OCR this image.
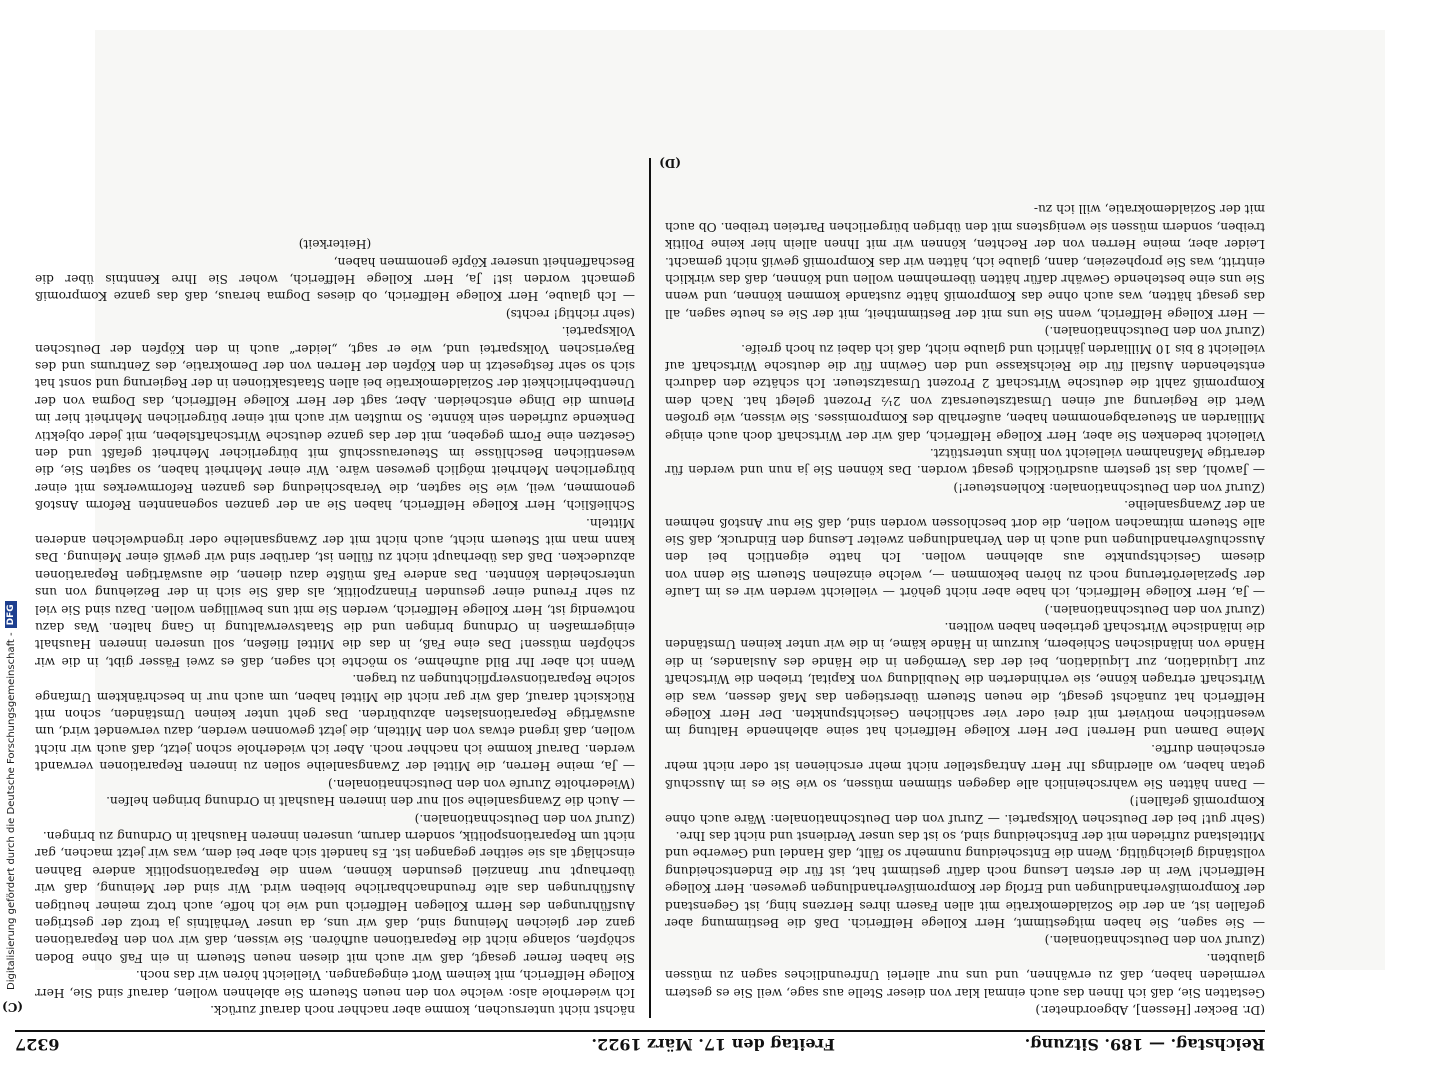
Digitalisierung gefördert durch die Deutsche Forschungsgemeinschaft -
DFG
Reichstag. — 189. Sitzung.
Freitag den 17. März 1922.
6327

(Dr. Becker [Hessen], Abgeordneter.)

Gestatten Sie, daß ich Ihnen das auch einmal klar von dieser Stelle aus sage, weil Sie es gestern vermieden haben, daß zu erwähnen, und uns nur allerlei Unfreundliches sagen zu müssen glaubten.

(Zuruf von den Deutschnationalen.)

— Sie sagen, Sie haben mitgestimmt, Herr Kollege Helfferich. Daß die Bestimmung aber gefallen ist, an der die Sozialdemokratie mit allen Fasern ihres Herzens hing, ist Gegenstand der Kompromißverhandlungen und Erfolg der Kompromißverhandlungen gewesen. Herr Kollege Helfferich! Wer in der ersten Lesung noch dafür gestimmt hat, ist für die Endentscheidung vollständig gleichgültig. Wenn die Entscheidung nunmehr so fällt, daß Handel und Gewerbe und Mittelstand zufrieden mit der Entscheidung sind, so ist das unser Verdienst und nicht das Ihre.

(Sehr gut! bei der Deutschen Volkspartei. — Zuruf von den Deutschnationalen: Wäre auch ohne Kompromiß gefallen!)

— Dann hätten Sie wahrscheinlich alle dagegen stimmen müssen, so wie Sie es im Ausschuß getan haben, wo allerdings Ihr Herr Antragsteller nicht mehr erschienen ist oder nicht mehr erscheinen durfte.

Meine Damen und Herren! Der Herr Kollege Helfferich hat seine ablehnende Haltung im wesentlichen motiviert mit drei oder vier sachlichen Gesichtspunkten. Der Herr Kollege Helfferich hat zunächst gesagt, die neuen Steuern überstiegen das Maß dessen, was die Wirtschaft ertragen könne, sie verhinderten die Neubildung von Kapital, trieben die Wirtschaft zur Liquidation, zur Liquidation, bei der das Vermögen in die Hände des Auslandes, in die Hände von inländischen Schiebern, kurzum in Hände käme, in die wir unter keinen Umständen die inländische Wirtschaft getrieben haben wollten.

(Zuruf von den Deutschnationalen.)

— Ja, Herr Kollege Helfferich, ich habe aber nicht gehört — vielleicht werden wir es im Laufe der Spezialerörterung noch zu hören bekommen —, welche einzelnen Steuern Sie denn von diesem Gesichtspunkte aus ablehnen wollen. Ich hatte eigentlich bei den Ausschußverhandlungen und auch in den Verhandlungen zweiter Lesung den Eindruck, daß Sie alle Steuern mitmachen wollen, die dort beschlossen worden sind, daß Sie nur Anstoß nehmen an der Zwangsanleihe.

(Zuruf von den Deutschnationalen: Kohlensteuer!)

— Jawohl, das ist gestern ausdrücklich gesagt worden. Das können Sie ja nun und werden für derartige Maßnahmen vielleicht von links unterstützt.

Vielleicht bedenken Sie aber, Herr Kollege Helfferich, daß wir der Wirtschaft doch auch einige Milliarden an Steuerabgenommen haben, außerhalb des Kompromisses. Sie wissen, wie großen Wert die Regierung auf einen Umsatzsteuersatz von 2½ Prozent gelegt hat. Nach dem Kompromiß zahlt die deutsche Wirtschaft 2 Prozent Umsatzsteuer. Ich schätze den dadurch entstehenden Ausfall für die Reichskasse und den Gewinn für die deutsche Wirtschaft auf vielleicht 8 bis 10 Milliarden jährlich und glaube nicht, daß ich dabei zu hoch greife.

(Zuruf von den Deutschnationalen.)

— Herr Kollege Helfferich, wenn Sie uns mit der Bestimmtheit, mit der Sie es heute sagen, all das gesagt hätten, was auch ohne das Kompromiß hätte zustande kommen können, und wenn Sie uns eine bestehende Gewähr dafür hätten übernehmen wollen und können, daß das wirklich eintritt, was Sie prophezeien, dann, glaube ich, hätten wir das Kompromiß gewiß nicht gemacht. Leider aber, meine Herren von der Rechten, können wir mit Ihnen allein hier keine Politik treiben, sondern müssen sie wenigstens mit den übrigen bürgerlichen Parteien treiben. Ob auch mit der Sozialdemokratie, will ich zu-

nächst nicht untersuchen, komme aber nachher noch darauf zurück.

Ich wiederhole also: welche von den neuen Steuern Sie ablehnen wollen, darauf sind Sie, Herr Kollege Helfferich, mit keinem Wort eingegangen. Vielleicht hören wir das noch.

Sie haben ferner gesagt, daß wir auch mit diesen neuen Steuern in ein Faß ohne Boden schöpfen, solange nicht die Reparationen aufhören. Sie wissen, daß wir von den Reparationen ganz der gleichen Meinung sind, daß wir uns, da unser Verhältnis ja trotz der gestrigen Ausführungen des Herrn Kollegen Helfferich und wie ich hoffe, auch trotz meiner heutigen Ausführungen das alte freundnachbarliche bleiben wird. Wir sind der Meinung, daß wir überhaupt nur finanziell gesunden können, wenn die Reparationspolitik andere Bahnen einschlägt als sie seither gegangen ist. Es handelt sich aber bei dem, was wir jetzt machen, gar nicht um Reparationspolitik, sondern darum, unseren inneren Haushalt in Ordnung zu bringen.

(Zuruf von den Deutschnationalen.)

— Auch die Zwangsanleihe soll nur den inneren Haushalt in Ordnung bringen helfen.

(Wiederholte Zurufe von den Deutschnationalen.)

— Ja, meine Herren, die Mittel der Zwangsanleihe sollen zu inneren Reparationen verwandt werden. Darauf komme ich nachher noch. Aber ich wiederhole schon jetzt, daß auch wir nicht wollen, daß irgend etwas von den Mitteln, die jetzt gewonnen werden, dazu verwendet wird, um auswärtige Reparationslasten abzubürden. Das geht unter keinen Umständen, schon mit Rücksicht darauf, daß wir gar nicht die Mittel haben, um auch nur in beschränktem Umfange solche Reparationsverpflichtungen zu tragen.

Wenn ich aber Ihr Bild aufnehme, so möchte ich sagen, daß es zwei Fässer gibt, in die wir schöpfen müssen! Das eine Faß, in das die Mittel fließen, soll unseren inneren Haushalt einigermaßen in Ordnung bringen und die Staatsverwaltung in Gang halten. Was dazu notwendig ist, Herr Kollege Helfferich, werden Sie mit uns bewilligen wollen. Dazu sind Sie viel zu sehr Freund einer gesunden Finanzpolitik, als daß Sie sich in der Beziehung von uns unterscheiden könnten. Das andere Faß müßte dazu dienen, die auswärtigen Reparationen abzudecken. Daß das überhaupt nicht zu füllen ist, darüber sind wir gewiß einer Meinung. Das kann man mit Steuern nicht, auch nicht mit der Zwangsanleihe oder irgendwelchen anderen Mitteln.

Schließlich, Herr Kollege Helfferich, haben Sie an der ganzen sogenannten Reform Anstoß genommen, weil, wie Sie sagten, die Verabschiedung des ganzen Reformwerkes mit einer bürgerlichen Mehrheit möglich gewesen wäre. Wir einer Mehrheit haben, so sagten Sie, die wesentlichen Beschlüsse im Steuerausschuß mit bürgerlicher Mehrheit gefaßt und den Gesetzen eine Form gegeben, mit der das ganze deutsche Wirtschaftsleben, mit jeder objektiv Denkende zufrieden sein könnte. So mußten wir auch mit einer bürgerlichen Mehrheit hier im Plenum die Dinge entscheiden. Aber, sagt der Herr Kollege Helfferich, das Dogma von der Unentbehrlichkeit der Sozialdemokratie bei allen Staatsaktionen in der Regierung und sonst hat sich so sehr festgesetzt in den Köpfen der Herren von der Demokratie, des Zentrums und des Bayerischen Volkspartei und, wie er sagt, „leider“ auch in den Köpfen der Deutschen Volkspartei.

(sehr richtig! rechts)

— Ich glaube, Herr Kollege Helfferich, ob dieses Dogma heraus, daß das ganze Kompromiß gemacht worden ist! Ja, Herr Kollege Helfferich, woher Sie Ihre Kenntnis über die Beschaffenheit unserer Köpfe genommen haben,

(Heiterkeit)

(C)
(D)
